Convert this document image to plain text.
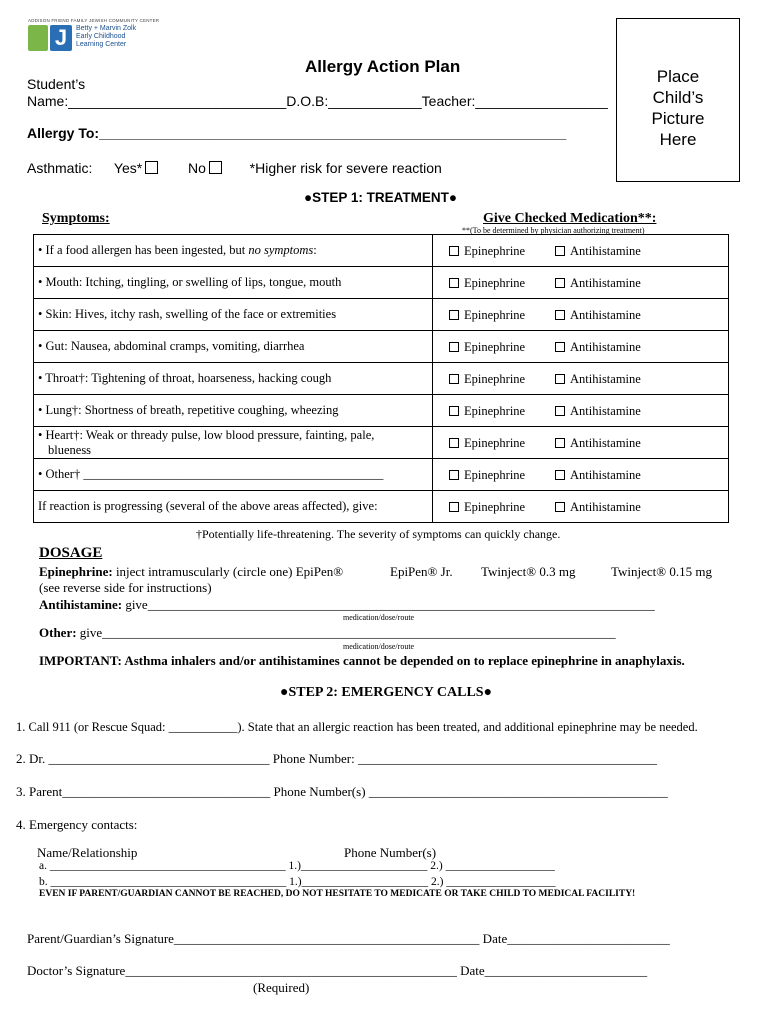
ADDISON FRIEND FAMILY JEWISH COMMUNITY CENTER
J	Betty + Marvin Zolk
Early Childhood
Learning Center
Place
Child’s
Picture
Here
Allergy Action Plan
Student’s
Name:____________________________D.O.B:____________Teacher:_________________
Allergy To:____________________________________________________________
Asthmatic: Yes*	No	*Higher risk for severe reaction
●STEP 1: TREATMENT●
Symptoms:	Give Checked Medication**:
**(To be determined by physician authorizing treatment)
• If a food allergen has been ingested, but no symptoms:	Epinephrine Antihistamine

• Mouth: Itching, tingling, or swelling of lips, tongue, mouth	Epinephrine Antihistamine

• Skin: Hives, itchy rash, swelling of the face or extremities	Epinephrine Antihistamine

• Gut: Nausea, abdominal cramps, vomiting, diarrhea	Epinephrine Antihistamine

• Throat†: Tightening of throat, hoarseness, hacking cough	Epinephrine Antihistamine

• Lung†: Shortness of breath, repetitive coughing, wheezing	Epinephrine Antihistamine

• Heart†: Weak or thready pulse, low blood pressure, fainting, pale,
blueness	Epinephrine Antihistamine

• Other† ________________________________________________	Epinephrine Antihistamine

If reaction is progressing (several of the above areas affected), give:	Epinephrine Antihistamine
†Potentially life-threatening. The severity of symptoms can quickly change.
DOSAGE
Epinephrine: inject intramuscularly (circle one) EpiPen®	EpiPen® Jr. Twinject® 0.3 mg	Twinject® 0.15 mg
(see reverse side for instructions)
Antihistamine: give______________________________________________________________________________
medication/dose/route
Other: give_______________________________________________________________________________
medication/dose/route
IMPORTANT: Asthma inhalers and/or antihistamines cannot be depended on to replace epinephrine in anaphylaxis.
●STEP 2: EMERGENCY CALLS●
1. Call 911 (or Rescue Squad: ___________). State that an allergic reaction has been treated, and additional epinephrine may be needed.
2. Dr. __________________________________ Phone Number: ______________________________________________
3. Parent________________________________ Phone Number(s) ______________________________________________
4. Emergency contacts:
Name/Relationship	Phone Number(s)
a. _________________________________________ 1.)______________________ 2.) ___________________
b. _________________________________________ 1.)______________________ 2.) ___________________
EVEN IF PARENT/GUARDIAN CANNOT BE REACHED, DO NOT HESITATE TO MEDICATE OR TAKE CHILD TO MEDICAL FACILITY!
Parent/Guardian’s Signature_______________________________________________ Date_________________________
Doctor’s Signature___________________________________________________ Date_________________________
(Required)
